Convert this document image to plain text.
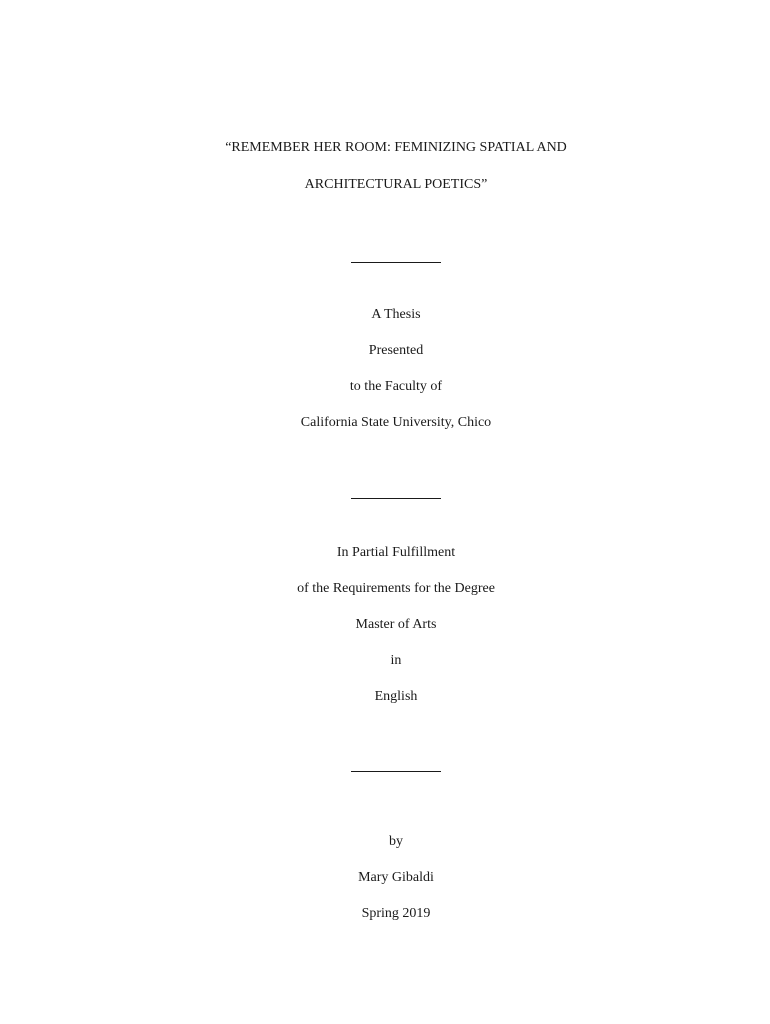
“REMEMBER HER ROOM: FEMINIZING SPATIAL AND
ARCHITECTURAL POETICS”
A Thesis
Presented
to the Faculty of
California State University, Chico
In Partial Fulfillment
of the Requirements for the Degree
Master of Arts
in
English
by
Mary Gibaldi
Spring 2019
